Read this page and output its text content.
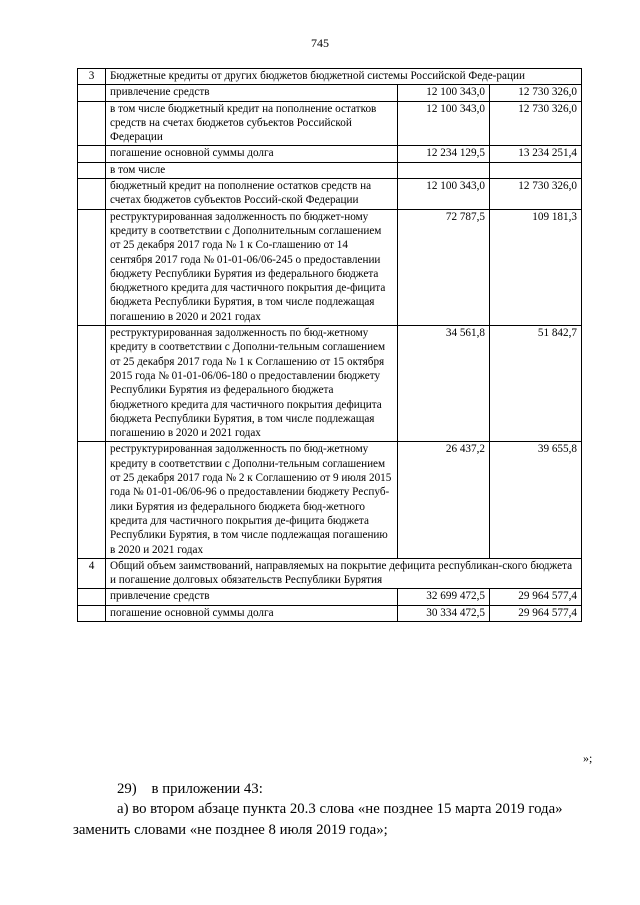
745
3	Бюджетные кредиты от других бюджетов бюджетной системы Российской Феде-рации		
	привлечение средств	12 100 343,0	12 730 326,0
	в том числе бюджетный кредит на пополнение остатков средств на счетах бюджетов субъектов Российской Федерации	12 100 343,0	12 730 326,0
	погашение основной суммы долга	12 234 129,5	13 234 251,4
	в том числе		
	бюджетный кредит на пополнение остатков средств на счетах бюджетов субъектов Россий-ской Федерации	12 100 343,0	12 730 326,0
	реструктурированная задолженность по бюджет-ному кредиту в соответствии с Дополнительным соглашением от 25 декабря 2017 года № 1 к Со-глашению от 14 сентября 2017 года № 01-01-06/06-245 о предоставлении бюджету Республики Бурятия из федерального бюджета бюджетного кредита для частичного покрытия де-фицита бюджета Республики Бурятия, в том числе подлежащая погашению в 2020 и 2021 годах	72 787,5	109 181,3
	реструктурированная задолженность по бюд-жетному кредиту в соответствии с Дополни-тельным соглашением от 25 декабря 2017 года № 1 к Соглашению от 15 октября 2015 года № 01-01-06/06-180 о предоставлении бюджету Республики Бурятия из федерального бюджета бюджетного кредита для частичного покрытия дефицита бюджета Республики Бурятия, в том числе подлежащая погашению в 2020 и 2021 годах	34 561,8	51 842,7
	реструктурированная задолженность по бюд-жетному кредиту в соответствии с Дополни-тельным соглашением от 25 декабря 2017 года № 2 к Соглашению от 9 июля 2015 года № 01-01-06/06-96 о предоставлении бюджету Респуб-лики Бурятия из федерального бюджета бюд-жетного кредита для частичного покрытия де-фицита бюджета Республики Бурятия, в том числе подлежащая погашению в 2020 и 2021 годах	26 437,2	39 655,8
4	Общий объем заимствований, направляемых на покрытие дефицита республикан-ского бюджета и погашение долговых обязательств Республики Бурятия		
	привлечение средств	32 699 472,5	29 964 577,4
	погашение основной суммы долга	30 334 472,5	29 964 577,4
»;
29)    в приложении 43:
а) во втором абзаце пункта 20.3 слова «не позднее 15 марта 2019 года»
заменить словами «не позднее 8 июля 2019 года»;
